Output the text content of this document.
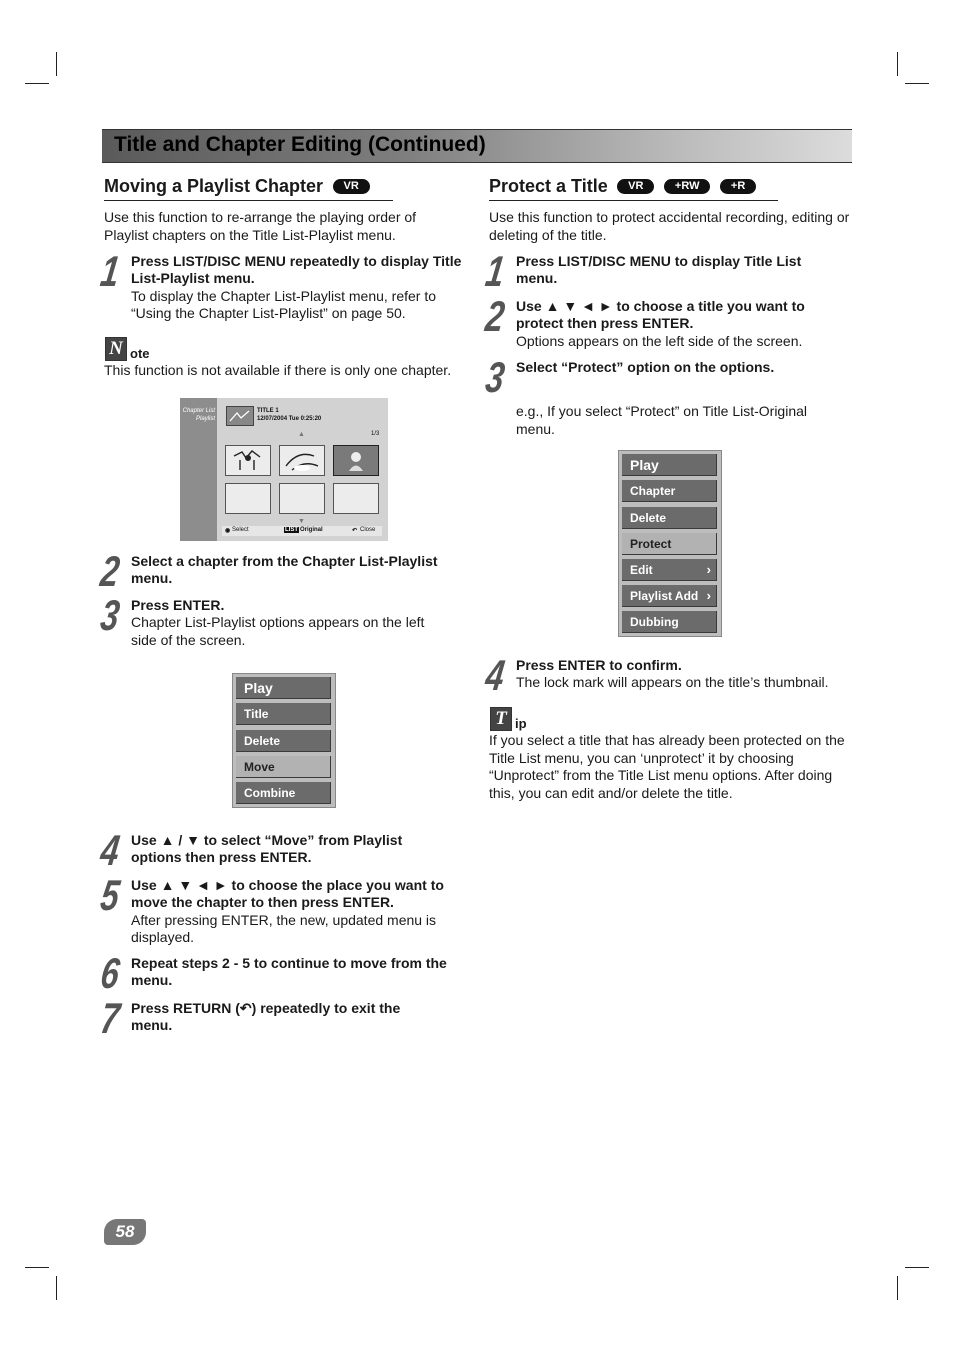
Title and Chapter Editing (Continued)
Moving a Playlist Chapter VR
Use this function to re-arrange the playing order of Playlist chapters on the Title List-Playlist menu.
1 Press LIST/DISC MENU repeatedly to display Title List-Playlist menu.
To display the Chapter List-Playlist menu, refer to “Using the Chapter List-Playlist” on page 50.
N ote
This function is not available if there is only one chapter.
Chapter List
Playlist
TITLE 1
12/07/2004 Tue 0:25:20
▲	1/3
▼
◉ Select	LIST Original	↶ Close
2 Select a chapter from the Chapter List-Playlist menu.
3 Press ENTER.
Chapter List-Playlist options appears on the left side of the screen.
Play
Title
Delete
Move
Combine
4 Use ▲ / ▼ to select “Move” from Playlist options then press ENTER.
5 Use ▲ ▼ ◄ ► to choose the place you want to move the chapter to then press ENTER.
After pressing ENTER, the new, updated menu is displayed.
6 Repeat steps 2 - 5 to continue to move from the menu.
7 Press RETURN (↶) repeatedly to exit the menu.
Protect a Title VR	+RW	+R
Use this function to protect accidental recording, editing or deleting of the title.
1 Press LIST/DISC MENU to display Title List menu.
2 Use ▲ ▼ ◄ ► to choose a title you want to protect then press ENTER.
Options appears on the left side of the screen.
3 Select “Protect” option on the options.
e.g., If you select “Protect” on Title List-Original menu.
Play
Chapter
Delete
Protect
Edit	›
Playlist Add ›
Dubbing
4 Press ENTER to confirm.
The lock mark will appears on the title’s thumbnail.
T ip
If you select a title that has already been protected on the Title List menu, you can ‘unprotect’ it by choosing “Unprotect” from the Title List menu options. After doing this, you can edit and/or delete the title.
58
